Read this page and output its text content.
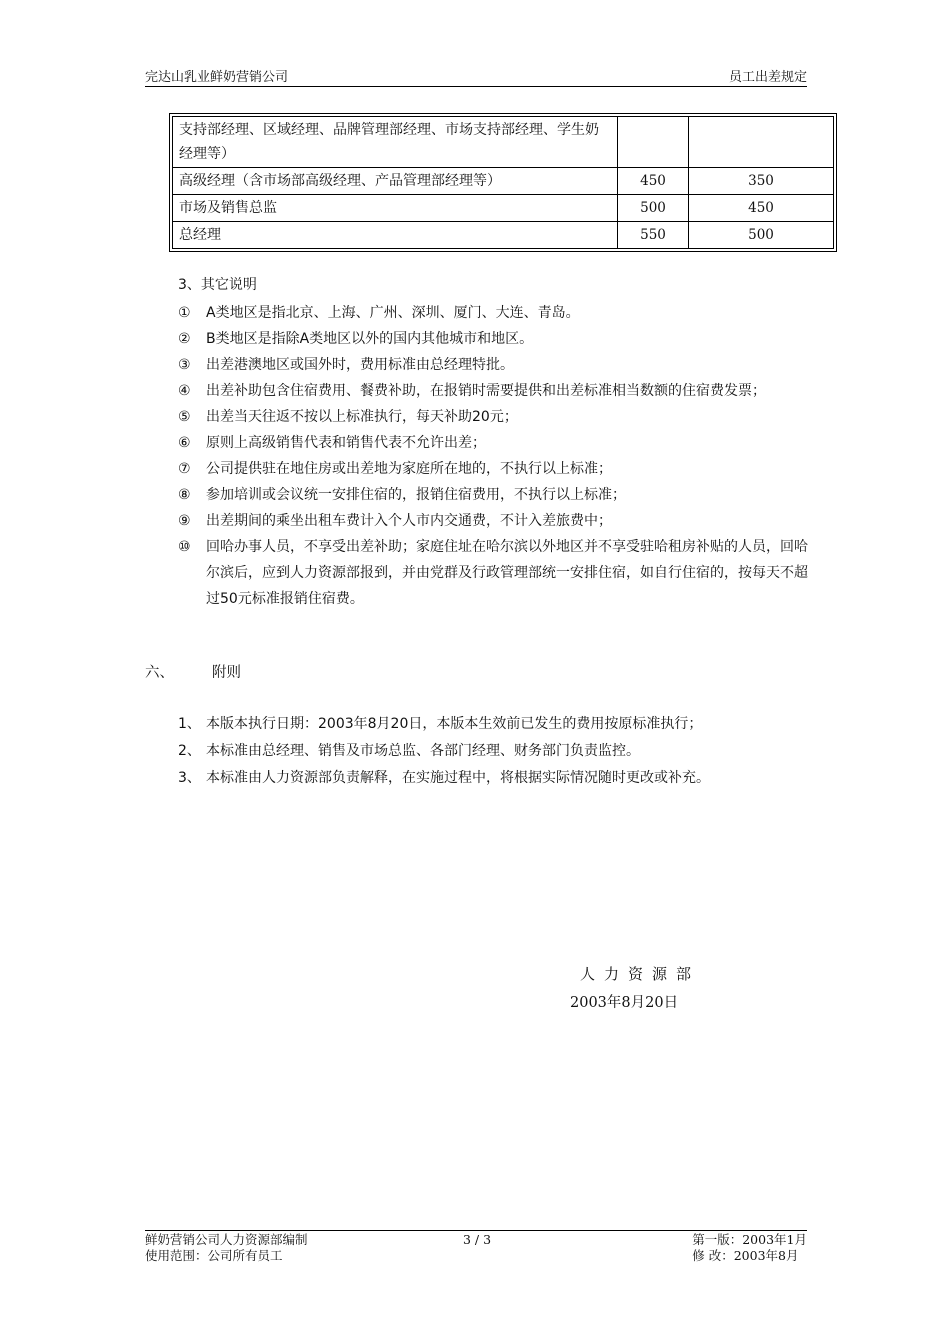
完达山乳业鲜奶营销公司	员工出差规定
支持部经理、区域经理、品牌管理部经理、市场支持部经理、学生奶经理等）		
高级经理（含市场部高级经理、产品管理部经理等）	450	350
市场及销售总监	500	450
总经理	550	500
3、其它说明
① A类地区是指北京、上海、广州、深圳、厦门、大连、青岛。
② B类地区是指除A类地区以外的国内其他城市和地区。
③ 出差港澳地区或国外时，费用标准由总经理特批。
④ 出差补助包含住宿费用、餐费补助，在报销时需要提供和出差标准相当数额的住宿费发票；
⑤ 出差当天往返不按以上标准执行，每天补助20元；
⑥ 原则上高级销售代表和销售代表不允许出差；
⑦ 公司提供驻在地住房或出差地为家庭所在地的，不执行以上标准；
⑧ 参加培训或会议统一安排住宿的，报销住宿费用，不执行以上标准；
⑨ 出差期间的乘坐出租车费计入个人市内交通费，不计入差旅费中；
⑩ 回哈办事人员，不享受出差补助；家庭住址在哈尔滨以外地区并不享受驻哈租房补贴的人员，回哈尔滨后，应到人力资源部报到，并由党群及行政管理部统一安排住宿，如自行住宿的，按每天不超过50元标准报销住宿费。
六、	附则
1、 本版本执行日期：2003年8月20日，本版本生效前已发生的费用按原标准执行；
2、 本标准由总经理、销售及市场总监、各部门经理、财务部门负责监控。
3、 本标准由人力资源部负责解释，在实施过程中，将根据实际情况随时更改或补充。
人力资源部
2003年8月20日
鲜奶营销公司人力资源部编制
使用范围：公司所有员工
3 / 3	第一版：2003年1月
修 改：2003年8月
